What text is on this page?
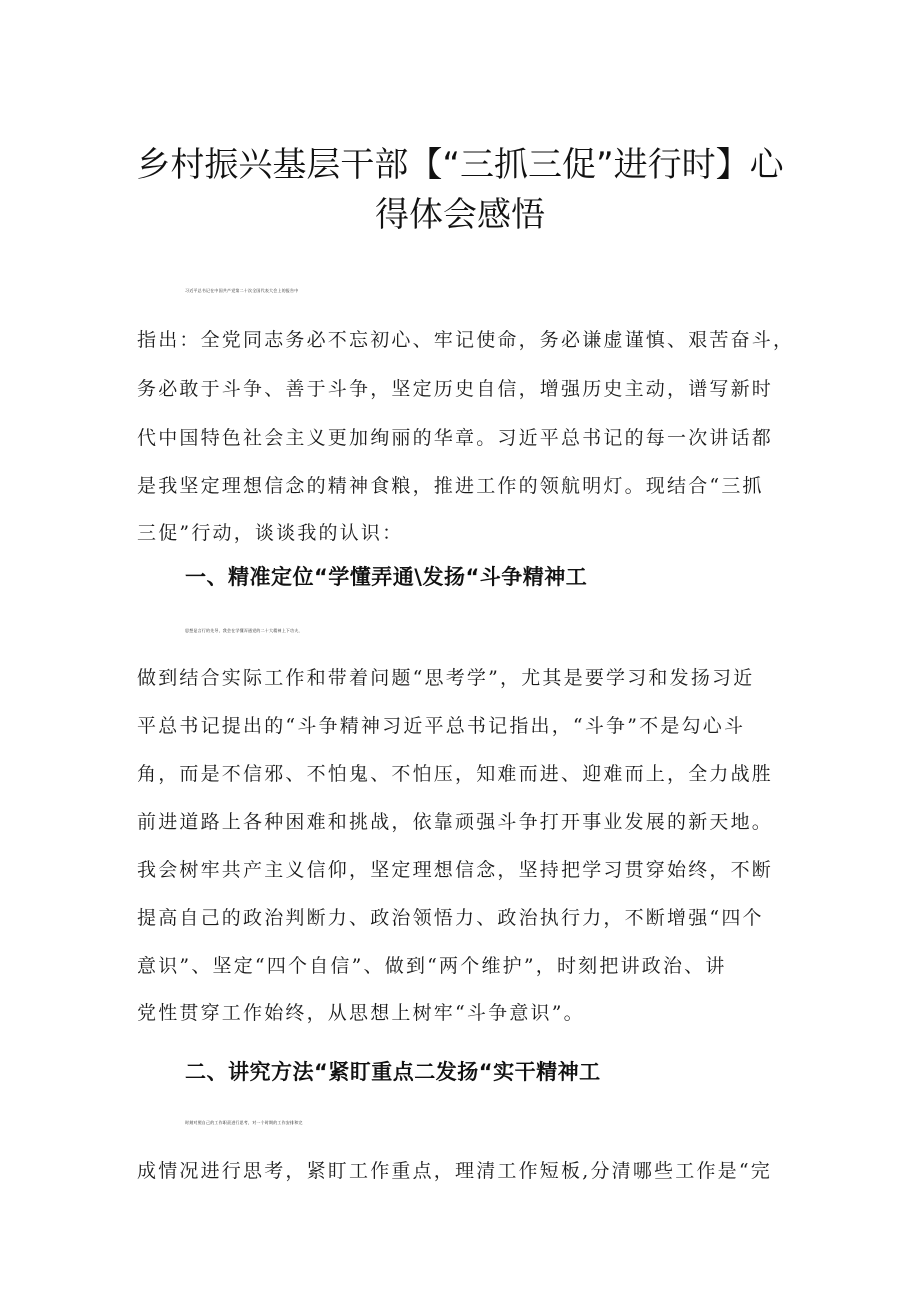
乡村振兴基层干部【“三抓三促”进行时】心
得体会感悟
习近平总书记在中国共产党第二十次全国代表大会上的报告中
指出：全党同志务必不忘初心、牢记使命，务必谦虚谨慎、艰苦奋斗，
务必敢于斗争、善于斗争，坚定历史自信，增强历史主动，谱写新时
代中国特色社会主义更加绚丽的华章。习近平总书记的每一次讲话都
是我坚定理想信念的精神食粮，推进工作的领航明灯。现结合“三抓
三促”行动，谈谈我的认识：
一、精准定位“学懂弄通\发扬“斗争精神工
思想是言行的先导，我会在学懂弄通党的二十大精神上下功夫，
做到结合实际工作和带着问题“思考学”，尤其是要学习和发扬习近
平总书记提出的“斗争精神习近平总书记指出，“斗争”不是勾心斗
角，而是不信邪、不怕鬼、不怕压，知难而进、迎难而上，全力战胜
前进道路上各种困难和挑战，依靠顽强斗争打开事业发展的新天地。
我会树牢共产主义信仰，坚定理想信念，坚持把学习贯穿始终，不断
提高自己的政治判断力、政治领悟力、政治执行力，不断增强“四个
意识”、坚定“四个自信”、做到“两个维护”，时刻把讲政治、讲
党性贯穿工作始终，从思想上树牢“斗争意识”。
二、讲究方法“紧盯重点二发扬“实干精神工
时刻对照自己的工作职责进行思考，对一个时期的工作安排和完
成情况进行思考，紧盯工作重点，理清工作短板,分清哪些工作是“完
